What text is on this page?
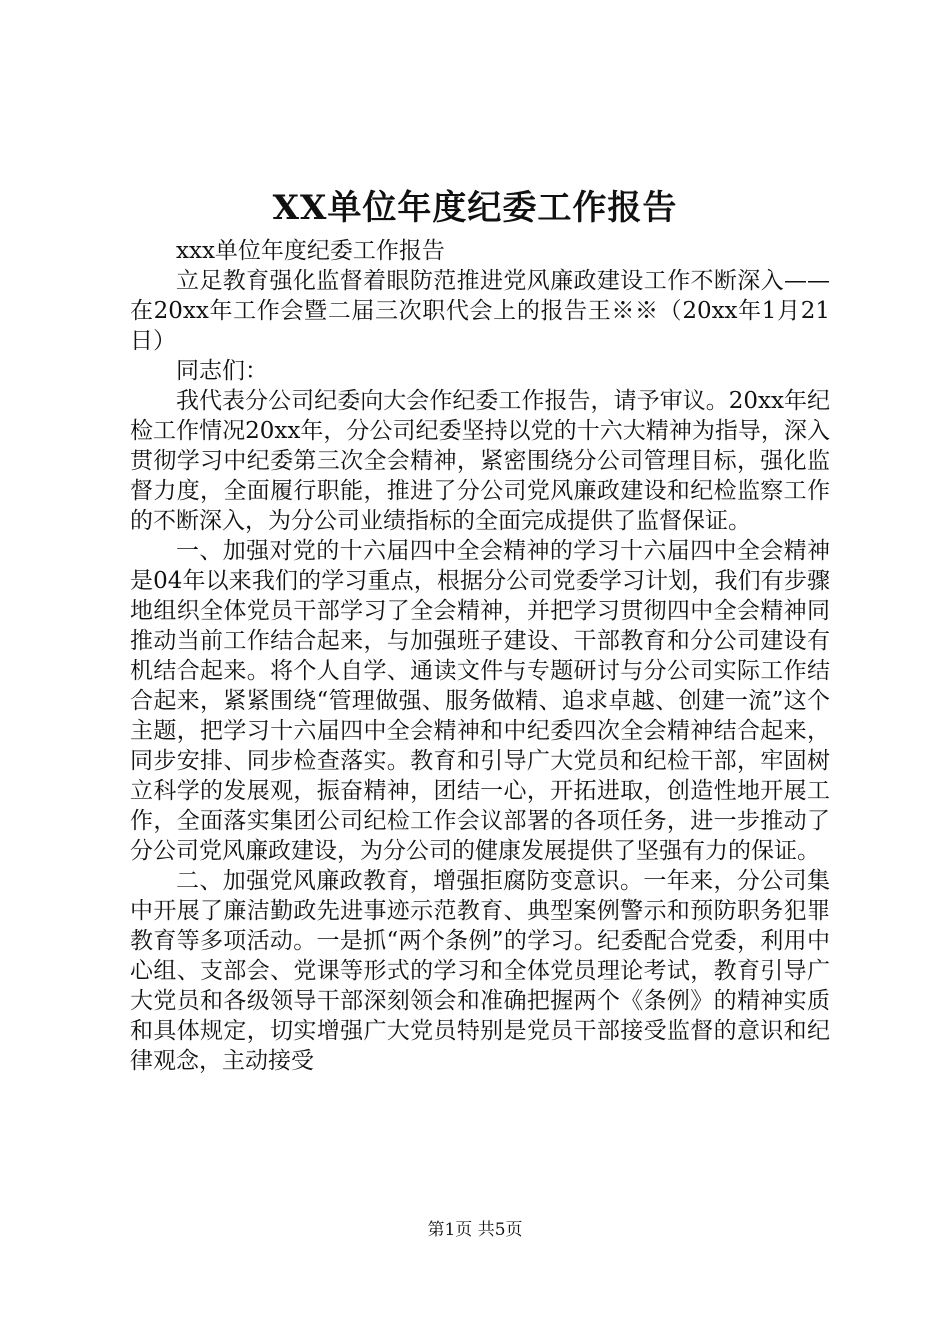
XX单位年度纪委工作报告

xxx单位年度纪委工作报告

立足教育强化监督着眼防范推进党风廉政建设工作不断深入——在20xx年工作会暨二届三次职代会上的报告王※※（20xx年1月21日）

同志们：

我代表分公司纪委向大会作纪委工作报告，请予审议。20xx年纪检工作情况20xx年，分公司纪委坚持以党的十六大精神为指导，深入贯彻学习中纪委第三次全会精神，紧密围绕分公司管理目标，强化监督力度，全面履行职能，推进了分公司党风廉政建设和纪检监察工作的不断深入，为分公司业绩指标的全面完成提供了监督保证。

一、加强对党的十六届四中全会精神的学习十六届四中全会精神是04年以来我们的学习重点，根据分公司党委学习计划，我们有步骤地组织全体党员干部学习了全会精神，并把学习贯彻四中全会精神同推动当前工作结合起来，与加强班子建设、干部教育和分公司建设有机结合起来。将个人自学、通读文件与专题研讨与分公司实际工作结合起来，紧紧围绕“管理做强、服务做精、追求卓越、创建一流”这个主题，把学习十六届四中全会精神和中纪委四次全会精神结合起来，同步安排、同步检查落实。教育和引导广大党员和纪检干部，牢固树立科学的发展观，振奋精神，团结一心，开拓进取，创造性地开展工作，全面落实集团公司纪检工作会议部署的各项任务，进一步推动了分公司党风廉政建设，为分公司的健康发展提供了坚强有力的保证。

二、加强党风廉政教育，增强拒腐防变意识。一年来，分公司集中开展了廉洁勤政先进事迹示范教育、典型案例警示和预防职务犯罪教育等多项活动。一是抓“两个条例”的学习。纪委配合党委，利用中心组、支部会、党课等形式的学习和全体党员理论考试，教育引导广大党员和各级领导干部深刻领会和准确把握两个《条例》的精神实质和具体规定，切实增强广大党员特别是党员干部接受监督的意识和纪律观念，主动接受

第1页 共5页
